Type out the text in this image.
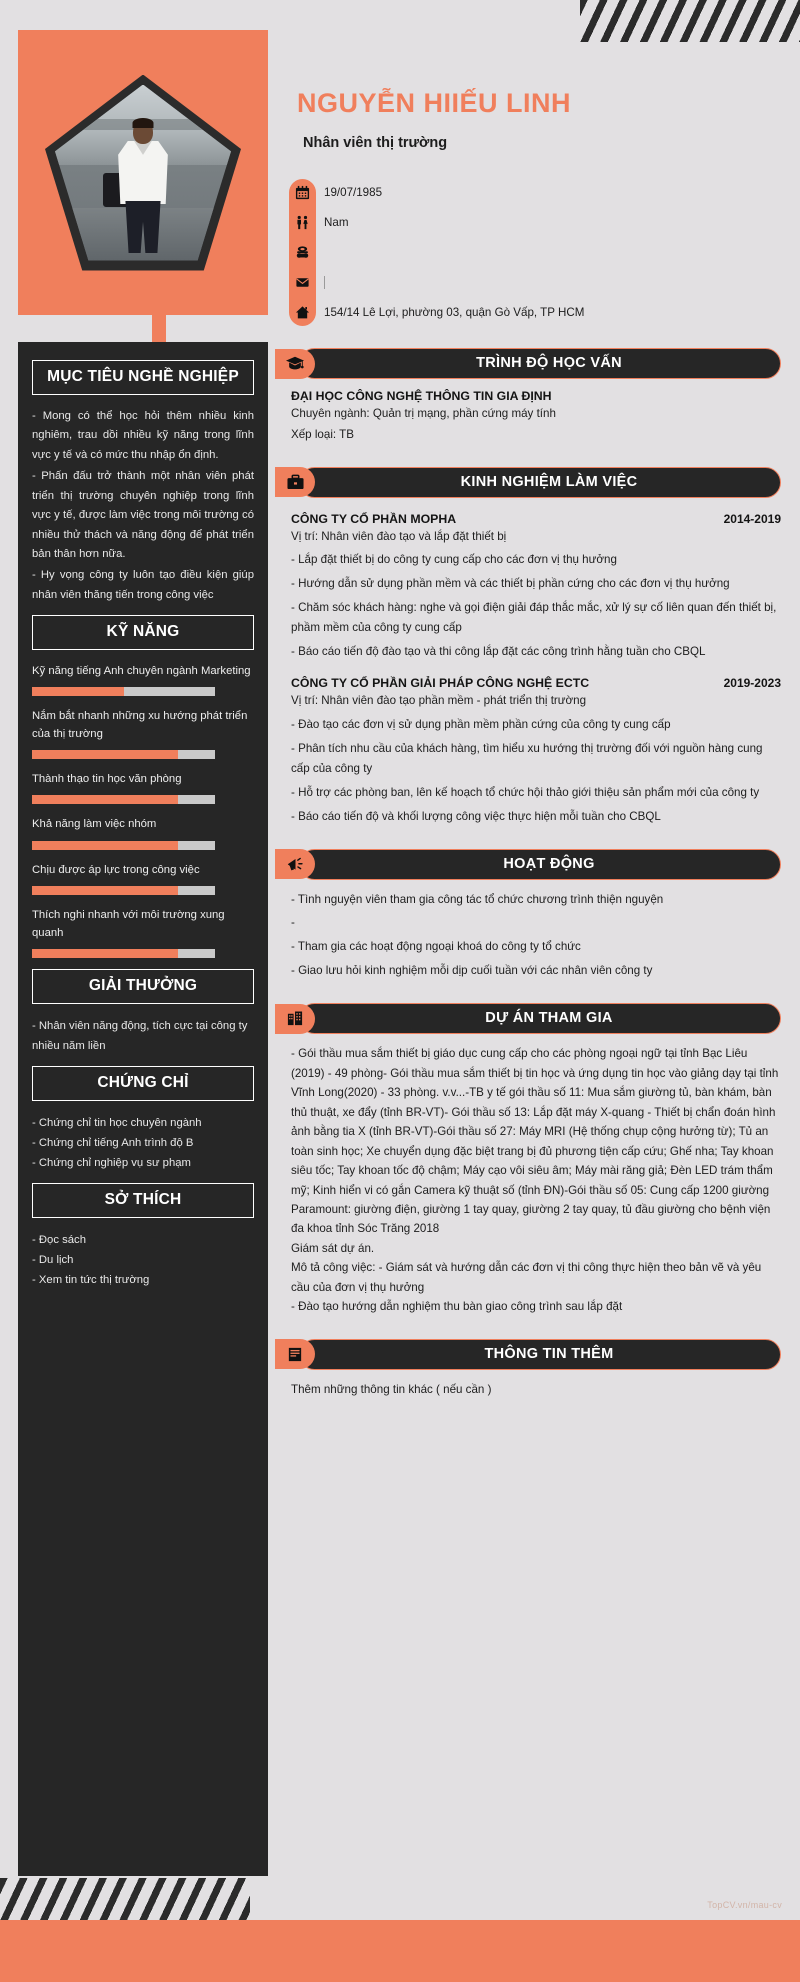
MỤC TIÊU NGHỀ NGHIỆP
- Mong có thể học hỏi thêm nhiều kinh nghiêm, trau dồi nhiều kỹ năng trong lĩnh vực y tế và có mức thu nhập ổn định.
- Phấn đấu trở thành một nhân viên phát triển thị trường chuyên nghiệp trong lĩnh vực y tế, được làm việc trong môi trường có nhiều thử thách và năng động để phát triển bản thân hơn nữa.
- Hy vọng công ty luôn tạo điều kiện giúp nhân viên thăng tiến trong công việc
KỸ NĂNG
Kỹ năng tiếng Anh chuyên ngành Marketing
Nắm bắt nhanh những xu hướng phát triển của thị trường
Thành thạo tin học văn phòng
Khả năng làm việc nhóm
Chịu được áp lực trong công việc
Thích nghi nhanh với môi trường xung quanh
GIẢI THƯỞNG
- Nhân viên năng động, tích cực tại công ty nhiều năm liền
CHỨNG CHỈ
- Chứng chỉ tin học chuyên ngành
- Chứng chỉ tiếng Anh trình độ B
- Chứng chỉ nghiệp vụ sư phạm
SỞ THÍCH
- Đọc sách
- Du lịch
- Xem tin tức thị trường
NGUYỄN HIIẾU LINH
Nhân viên thị trường
19/07/1985
Nam
154/14 Lê Lợi, phường 03, quận Gò Vấp, TP HCM
TRÌNH ĐỘ HỌC VẤN
ĐẠI HỌC CÔNG NGHỆ THÔNG TIN GIA ĐỊNH
Chuyên ngành: Quản trị mạng, phần cứng máy tính
Xếp loại: TB
KINH NGHIỆM LÀM VIỆC
CÔNG TY CỔ PHẦN MOPHA	2014-2019
Vị trí: Nhân viên đào tạo và lắp đặt thiết bị
- Lắp đặt thiết bị do công ty cung cấp cho các đơn vị thụ hưởng
- Hướng dẫn sử dụng phần mềm và các thiết bị phần cứng cho các đơn vị thụ hưởng
- Chăm sóc khách hàng: nghe và gọi điện giải đáp thắc mắc, xử lý sự cố liên quan đến thiết bị, phầm mềm của công ty cung cấp
- Báo cáo tiến độ đào tạo và thi công lắp đặt các công trình hằng tuần cho CBQL
CÔNG TY CỔ PHẦN GIẢI PHÁP CÔNG NGHỆ ECTC	2019-2023
Vị trí: Nhân viên đào tạo phần mềm - phát triển thị trường
- Đào tạo các đơn vị sử dụng phần mềm phần cứng của công ty cung cấp
- Phân tích nhu cầu của khách hàng, tìm hiểu xu hướng thị trường đối với nguồn hàng cung cấp của công ty
- Hỗ trợ các phòng ban, lên kế hoạch tổ chức hội thảo giới thiệu sản phẩm mới của công ty
- Báo cáo tiến độ và khối lượng công việc thực hiện mỗi tuần cho CBQL
HOẠT ĐỘNG
- Tình nguyện viên tham gia công tác tổ chức chương trình thiện nguyện
-
- Tham gia các hoạt động ngoại khoá do công ty tổ chức
- Giao lưu hỏi kinh nghiệm mỗi dịp cuối tuần với các nhân viên công ty
DỰ ÁN THAM GIA
- Gói thầu mua sắm thiết bị giáo dục cung cấp cho các phòng ngoại ngữ tại tỉnh Bạc Liêu (2019) - 49 phòng- Gói thầu mua sắm thiết bị tin học và ứng dụng tin học vào giảng dạy tại tỉnh Vĩnh Long(2020) - 33 phòng. v.v...-TB y tế gói thầu số 11: Mua sắm giường tủ, bàn khám, bàn thủ thuật, xe đẩy (tỉnh BR-VT)- Gói thầu số 13: Lắp đặt máy X-quang - Thiết bị chẩn đoán hình ảnh bằng tia X (tỉnh BR-VT)-Gói thầu số 27: Máy MRI (Hệ thống chụp cộng hưởng từ); Tủ an toàn sinh học; Xe chuyển dụng đặc biệt trang bị đủ phương tiện cấp cứu; Ghế nha; Tay khoan siêu tốc; Tay khoan tốc độ chậm; Máy cạo vôi siêu âm; Máy mài răng giả; Đèn LED trám thẩm mỹ; Kinh hiển vi có gắn Camera kỹ thuật số (tỉnh ĐN)-Gói thầu số 05: Cung cấp 1200 giường Paramount: giường điện, giường 1 tay quay, giường 2 tay quay, tủ đầu giường cho bệnh viện đa khoa tỉnh Sóc Trăng 2018
Giám sát dự án.
Mô tả công việc: - Giám sát và hướng dẫn các đơn vị thi công thực hiện theo bản vẽ và yêu cầu của đơn vị thụ hưởng
- Đào tạo hướng dẫn nghiệm thu bàn giao công trình sau lắp đặt
THÔNG TIN THÊM
Thêm những thông tin khác ( nếu cần )
TopCV.vn/mau-cv
